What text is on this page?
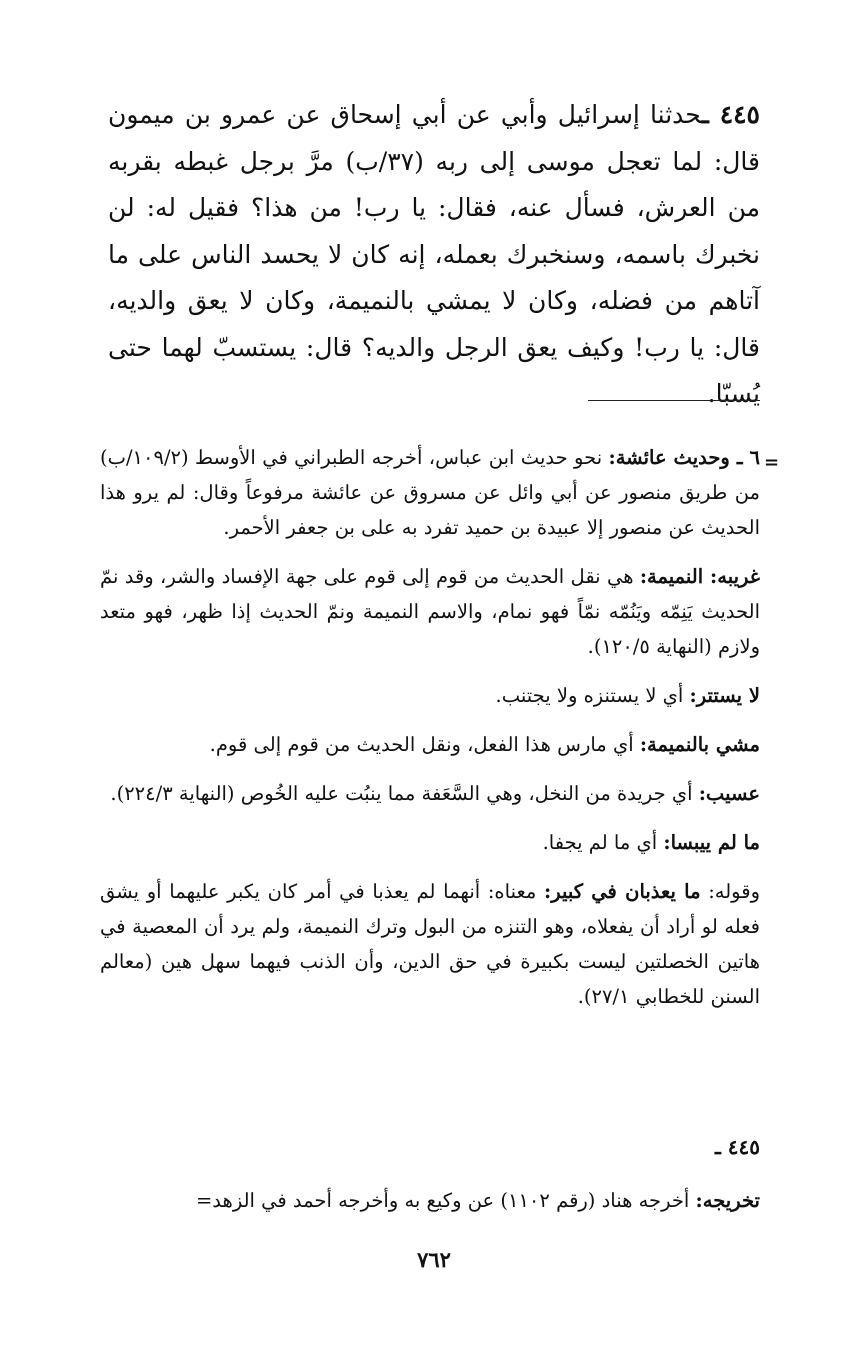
٤٤٥ ـحدثنا إسرائيل وأبي عن أبي إسحاق عن عمرو بن ميمون قال: لما تعجل موسى إلى ربه (٣٧/ب) مرَّ برجل غبطه بقربه من العرش، فسأل عنه، فقال: يا رب! من هذا؟ فقيل له: لن نخبرك باسمه، وسنخبرك بعمله، إنه كان لا يحسد الناس على ما آتاهم من فضله، وكان لا يمشي بالنميمة، وكان لا يعق والديه، قال: يا رب! وكيف يعق الرجل والديه؟ قال: يستسبّ لهما حتى يُسبّا.
=

٦ ـ وحديث عائشة: نحو حديث ابن عباس، أخرجه الطبراني في الأوسط (١٠٩/٢/ب) من طريق منصور عن أبي وائل عن مسروق عن عائشة مرفوعاً وقال: لم يرو هذا الحديث عن منصور إلا عبيدة بن حميد تفرد به على بن جعفر الأحمر.

غريبه: النميمة: هي نقل الحديث من قوم إلى قوم على جهة الإفساد والشر، وقد نمّ الحديث يَنِمّه ويَنُمّه نمّاً فهو نمام، والاسم النميمة ونمّ الحديث إذا ظهر، فهو متعد ولازم (النهاية ١٢٠/٥).

لا يستتر: أي لا يستنزه ولا يجتنب.

مشي بالنميمة: أي مارس هذا الفعل، ونقل الحديث من قوم إلى قوم.

عسيب: أي جريدة من النخل، وهي السَّعَفة مما ينبُت عليه الخُوص (النهاية ٢٢٤/٣).

ما لم ييبسا: أي ما لم يجفا.

وقوله: ما يعذبان في كبير: معناه: أنهما لم يعذبا في أمر كان يكبر عليهما أو يشق فعله لو أراد أن يفعلاه، وهو التنزه من البول وترك النميمة، ولم يرد أن المعصية في هاتين الخصلتين ليست بكبيرة في حق الدين، وأن الذنب فيهما سهل هين (معالم السنن للخطابي ٢٧/١).

٤٤٥ ـ
تخريجه: أخرجه هناد (رقم ١١٠٢) عن وكيع به وأخرجه أحمد في الزهد=
٧٦٢
